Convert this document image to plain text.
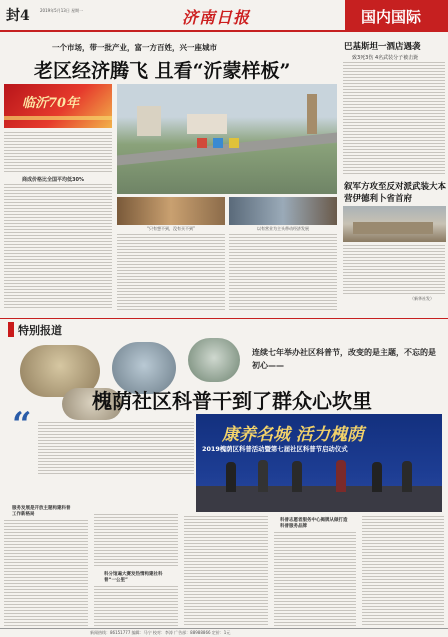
封4	2019年5月13日 星期一	济南日报	国内国际
一个市场，带一批产业，富一方百姓，兴一座城市
老区经济腾飞 且看“沂蒙样板”
临沂70年
商成价格比全国平均低30%
“只有想不到，没有买不到”	以有营业为主头带动经济发展
巴基斯坦一酒店遇袭
致3死3伤 4名武装分子被击毙
叙军方攻至反对派武装大本营伊德利卜省首府
（新华社发）
特别报道
连续七年举办社区科普节，改变的是主题，不忘的是初心——
槐荫社区科普干到了群众心坎里
“	康养名城 活力槐荫
2019槐荫区科普活动暨第七届社区科普节启动仪式
服务发展是开放主题构建科普工作新格局
科分馆遍大赛发热情构建社科普“一公里”
科普志愿者服务中心揭牌从做打造科普服务品牌
新闻热线：86151777 编辑：马宁 校对：李涛 广告部：88988866 定价：1元
